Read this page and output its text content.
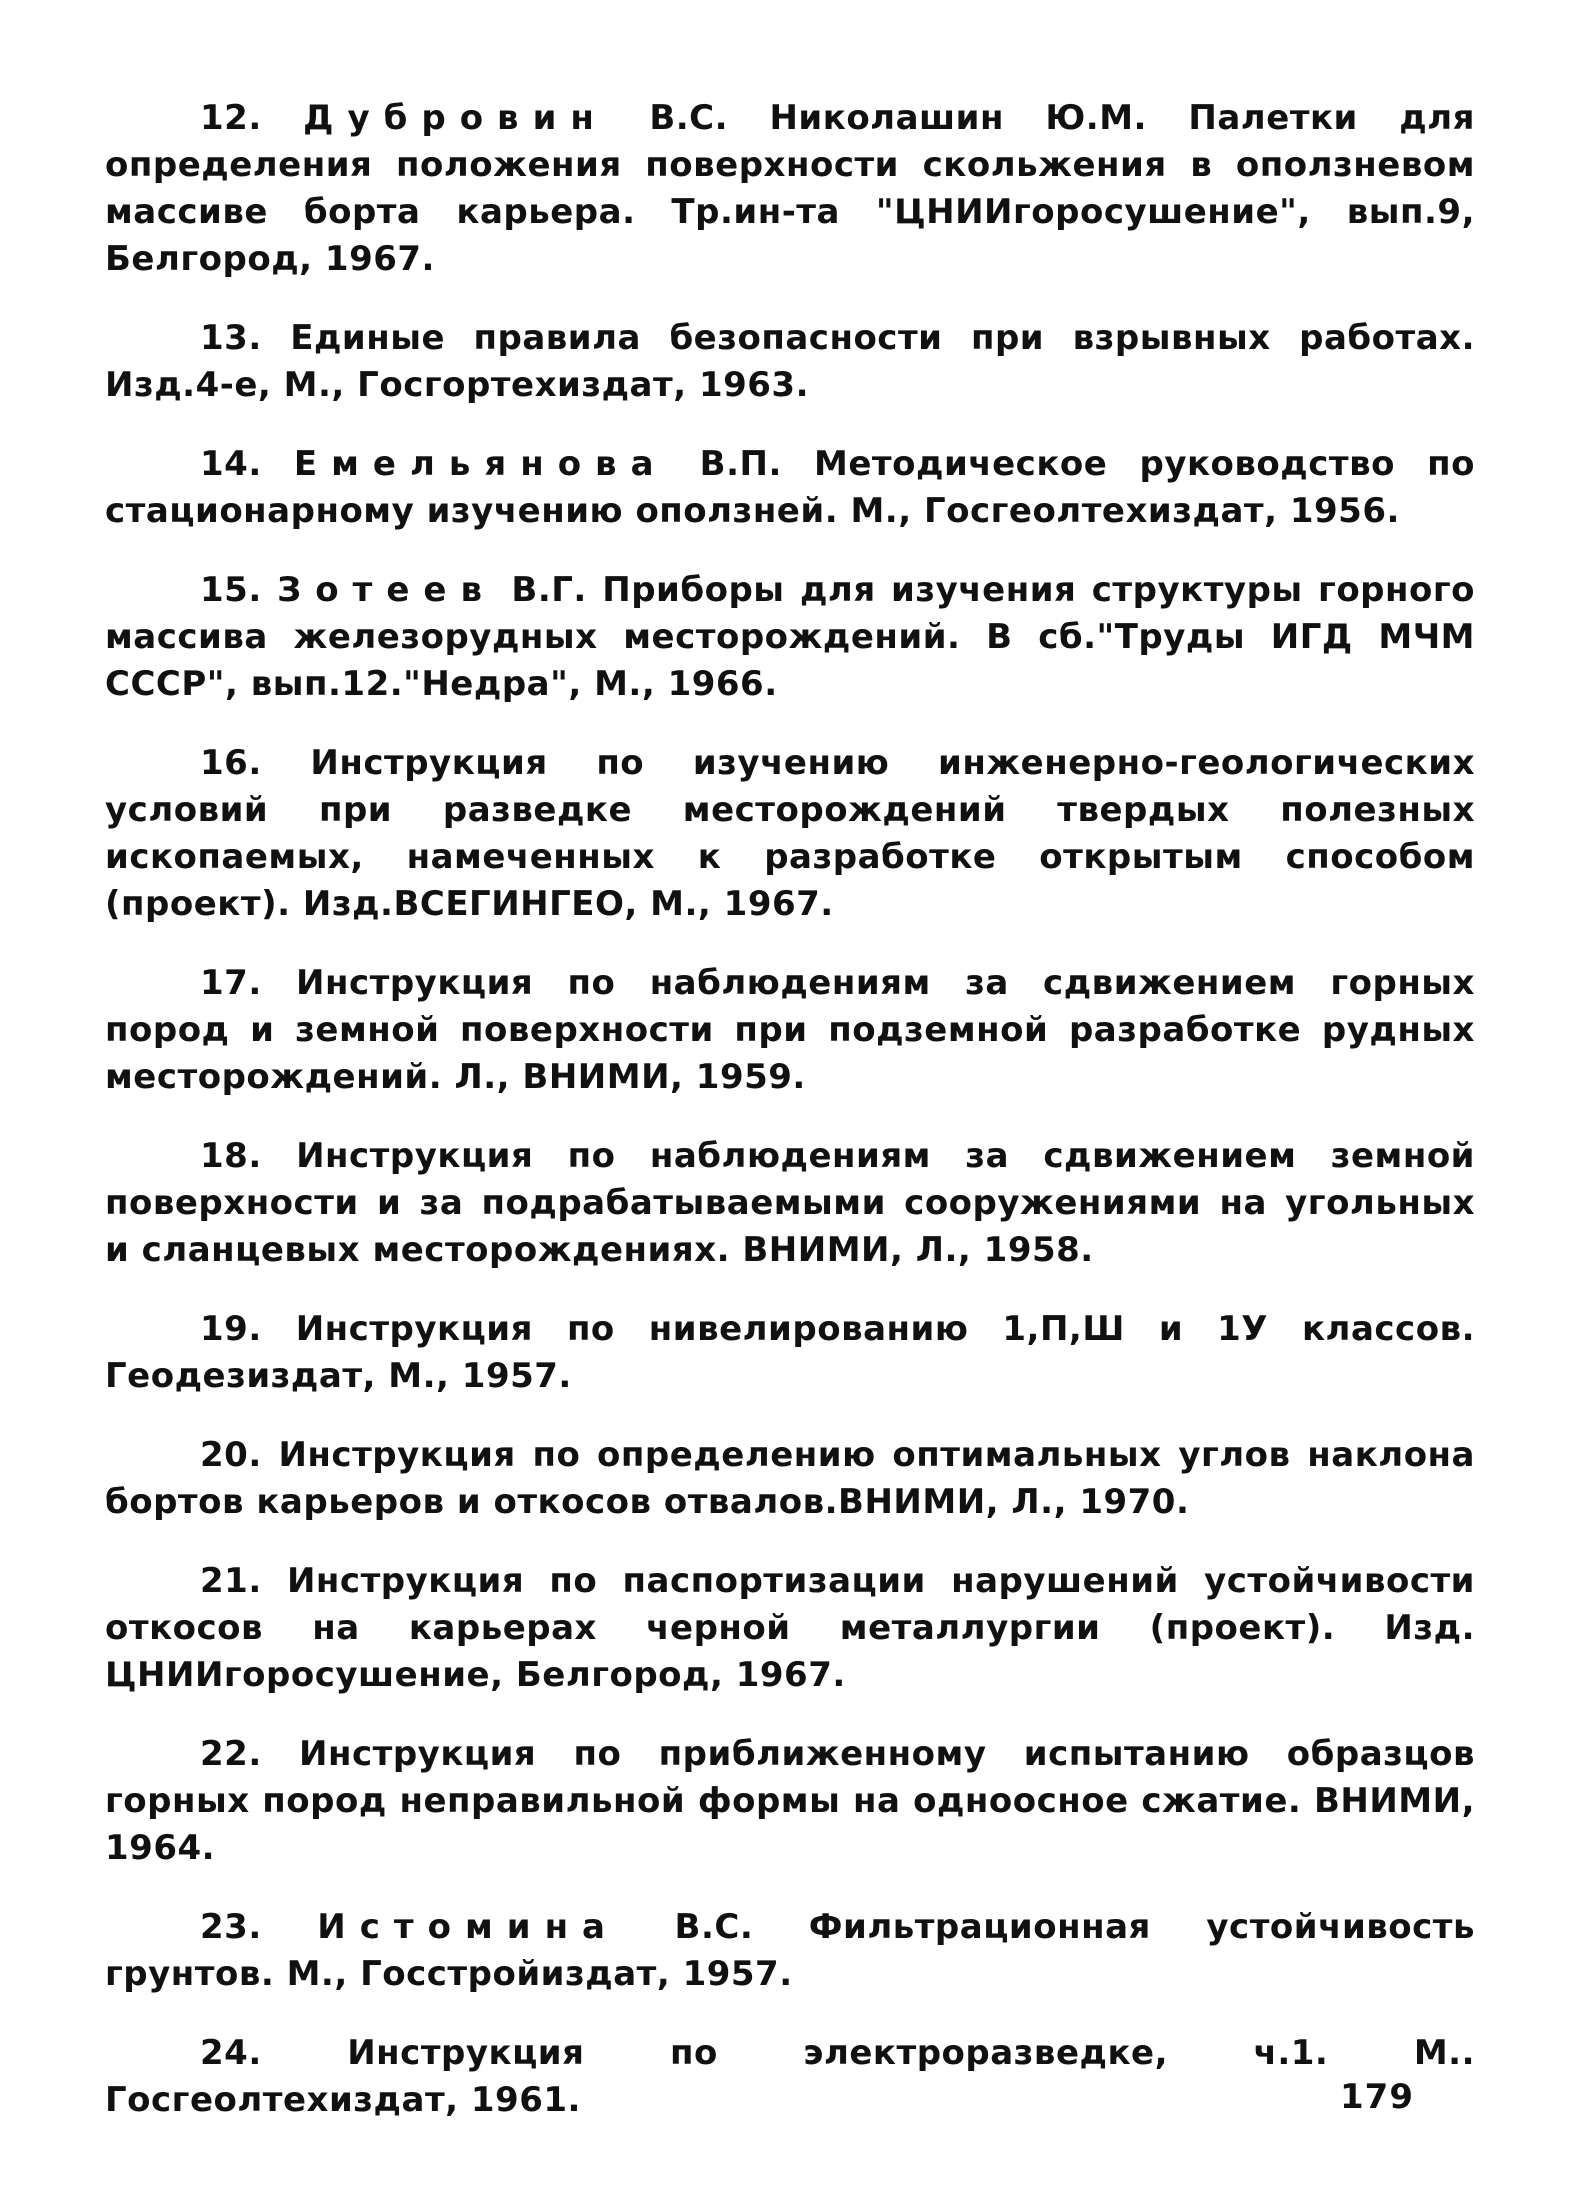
12. Дубровин В.С. Николашин Ю.М. Палетки для определения положения поверхности скольжения в оползневом массиве борта карьера. Тр.ин-та "ЦНИИгоросушение", вып.9, Белгород, 1967.

13. Единые правила безопасности при взрывных работах. Изд.4-е, М., Госгортехиздат, 1963.

14. Емельянова В.П. Методическое руководство по стационарному изучению оползней. М., Госгеолтехиздат, 1956.

15. Зотеев В.Г. Приборы для изучения структуры горного массива железорудных месторождений. В сб."Труды ИГД МЧМ СССР", вып.12."Недра", М., 1966.

16. Инструкция по изучению инженерно-геологических условий при разведке месторождений твердых полезных ископаемых, намеченных к разработке открытым способом (проект). Изд.ВСЕГИНГЕО, М., 1967.

17. Инструкция по наблюдениям за сдвижением горных пород и земной поверхности при подземной разработке рудных месторождений. Л., ВНИМИ, 1959.

18. Инструкция по наблюдениям за сдвижением земной поверхности и за подрабатываемыми сооружениями на угольных и сланцевых месторождениях. ВНИМИ, Л., 1958.

19. Инструкция по нивелированию 1,П,Ш и 1У классов. Геодезиздат, М., 1957.

20. Инструкция по определению оптимальных углов наклона бортов карьеров и откосов отвалов.ВНИМИ, Л., 1970.

21. Инструкция по паспортизации нарушений устойчивости откосов на карьерах черной металлургии (проект). Изд. ЦНИИгоросушение, Белгород, 1967.

22. Инструкция по приближенному испытанию образцов горных пород неправильной формы на одноосное сжатие. ВНИМИ, 1964.

23. Истомина В.С. Фильтрационная устойчивость грунтов. М., Госстройиздат, 1957.

24. Инструкция по электроразведке, ч.1. М.. Госгеолтехиздат, 1961.	179
